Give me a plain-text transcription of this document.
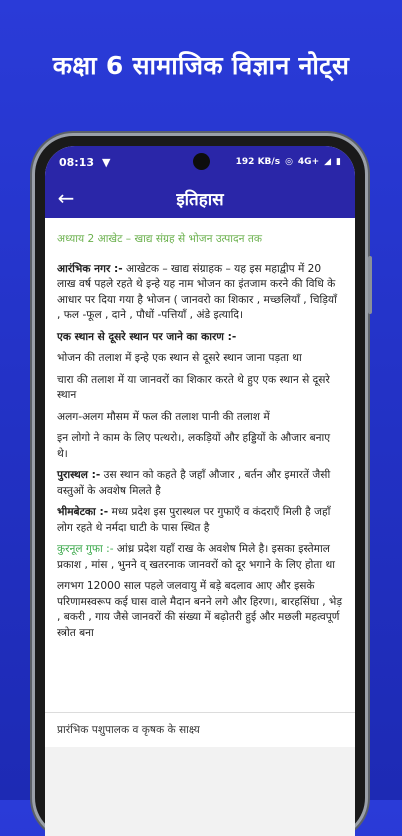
कक्षा 6 सामाजिक विज्ञान नोट्स
08:13 ▼	192 KB/s ◎ 4G+ ◢ ▮
←	इतिहास
अध्याय 2 आखेट – खाद्य संग्रह से भोजन उत्पादन तक

आरंभिक नगर :- आखेटक – खाद्य संग्राहक – यह इस महाद्वीप में 20 लाख वर्ष पहले रहते थे इन्हे यह नाम भोजन का इंतजाम करने की विधि के आधार पर दिया गया है भोजन ( जानवरो का शिकार , मच्छलियाँ , चिड़ियाँ , फल -फूल , दाने , पौधों -पत्तियाँ , अंडे इत्यादि।

एक स्थान से दूसरे स्थान पर जाने का कारण :-

भोजन की तलाश में इन्हे एक स्थान से दूसरे स्थान जाना पड़ता था

चारा की तलाश में या जानवरों का शिकार करते थे हुए एक स्थान से दूसरे स्थान

अलग-अलग मौसम में फल की तलाश पानी की तलाश में

इन लोगो ने काम के लिए पत्थरो।, लकड़ियों और हड्डियों के औजार बनाए थे।

पुरास्थल :- उस स्थान को कहते है जहाँ औजार , बर्तन और इमारतें जैसी वस्तुओं के अवशेष मिलते है

भीमबेटका :- मध्य प्रदेश इस पुरास्थल पर गुफाएँ व कंदराएँ मिली है जहाँ लोग रहते थे नर्मदा घाटी के पास स्थित है

कुरनूल गुफा :- आंध्र प्रदेश यहाँ राख के अवशेष मिले है। इसका इस्तेमाल प्रकाश , मांस , भुनने व् खतरनाक जानवरों को दूर भगाने के लिए होता था

लगभग 12000 साल पहले जलवायु में बड़े बदलाव आए और इसके परिणामस्वरूप कई घास वाले मैदान बनने लगे और हिरण।, बारहसिंघा , भेड़ , बकरी , गाय जैसे जानवरों की संख्या में बढ़ोतरी हुई और मछली महत्वपूर्ण स्त्रोत बना

प्रारंभिक पशुपालक व कृषक के साक्ष्य
